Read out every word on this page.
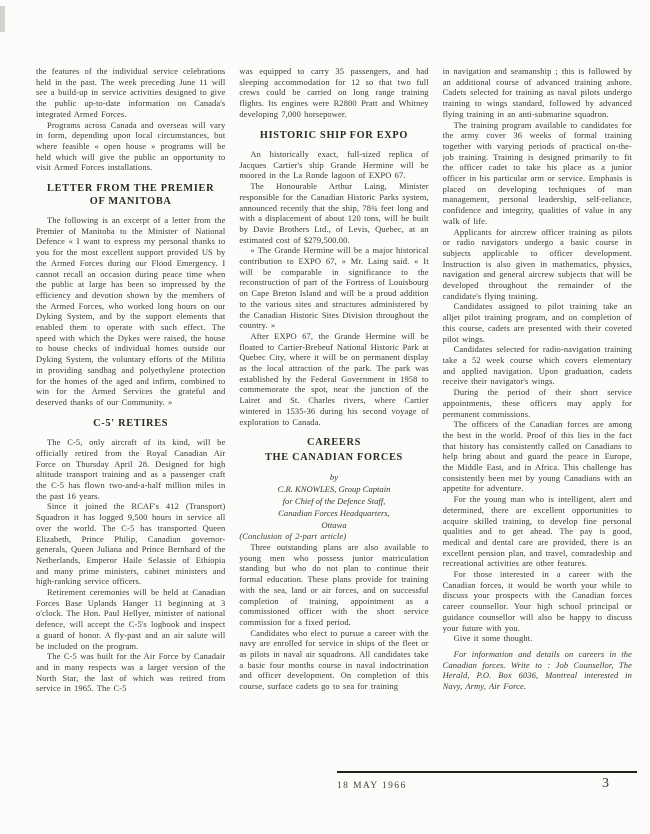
the features of the individual service celebrations held in the past. The week preceding June 11 will see a build-up in service activities designed to give the public up-to-date information on Canada's integrated Armed Forces.

Programs across Canada and overseas will vary in form, depending upon local circumstances, but where feasible « open house » programs will be held which will give the public an opportunity to visit Armed Forces installations.

LETTER FROM THE PREMIER OF MANITOBA

The following is an excerpt of a letter from the Premier of Manitoba to the Minister of National Defence « I want to express my personal thanks to you for the most excellent support provided US by the Armed Forces during our Flood Emergency. I cannot recall an occasion during peace time when the public at large has been so impressed by the efficiency and devotion shown by the members of the Armed Forces, who worked long hours on our Dyking System, and by the support elements that enabled them to operate with such effect. The speed with which the Dykes were raised, the house to house checks of individual homes outside our Dyking System, the voluntary efforts of the Militia in providing sandbag and polyethylene protection for the homes of the aged and infirm, combined to win for the Armed Services the grateful and deserved thanks of our Community. »

C-5' RETIRES

The C-5, only aircraft of its kind, will be officially retired from the Royal Canadian Air Force on Thursday April 28. Designed for high altitude transport training and as a passenger craft the C-5 has flown two-and-a-half million miles in the past 16 years.

Since it joined the RCAF's 412 (Transport) Squadron it has logged 9,500 hours in service all over the world. The C-5 has transported Queen Elizabeth, Prince Philip, Canadian governor-generals, Queen Juliana and Prince Bernhard of the Netherlands, Emperor Haile Selassie of Ethiopia and many prime ministers, cabinet ministers and high-ranking service officers.

Retirement ceremonies will be held at Canadian Forces Base Uplands Hanger 11 beginning at 3 o'clock. The Hon. Paul Hellyer, minister of national defence, will accept the C-5's logbook and inspect a guard of honor. A fly-past and an air salute will be included on the program.

The C-5 was built for the Air Force by Canadair and in many respects was a larger version of the North Star, the last of which was retired from service in 1965. The C-5

was equipped to carry 35 passengers, and had sleeping accommodation for 12 so that two full crews could be carried on long range training flights. Its engines were R2800 Pratt and Whitney developing 7,000 horsepower.

HISTORIC SHIP FOR EXPO

An historically exact, full-sized replica of Jacques Cartier's ship Grande Hermine will be moored in the La Ronde lagoon of EXPO 67.

The Honourable Arthur Laing, Minister responsible for the Canadian Historic Parks system, announced recently that the ship, 78¾ feet long and with a displacement of about 120 tons, will be built by Davie Brothers Ltd., of Levis, Quebec, at an estimated cost of $279,500.00.

« The Grande Hermine will be a major historical contribution to EXPO 67, » Mr. Laing said. « It will be comparable in significance to the reconstruction of part of the Fortress of Louisbourg on Cape Breton Island and will be a proud addition to the various sites and structures administered by the Canadian Historic Sites Division throughout the country. »

After EXPO 67, the Grande Hermine will be floated to Cartier-Brebeuf National Historic Park at Quebec City, where it will be on permanent display as the local attraction of the park. The park was established by the Federal Government in 1958 to commemorate the spot, near the junction of the Lairet and St. Charles rivers, where Cartier wintered in 1535-36 during his second voyage of exploration to Canada.

CAREERS
THE CANADIAN FORCES
by
C.R. KNOWLES, Group Captain
for Chief of the Defence Staff,
Canadian Forces Headquarters,
Ottawa

(Conclusion of 2-part article)

Three outstanding plans are also available to young men who possess junior matriculation standing but who do not plan to continue their formal education. These plans provide for training with the sea, land or air forces, and on successful completion of training, appointment as a commissioned officer with the short service commission for a fixed period.

Candidates who elect to pursue a career with the navy are enrolled for service in ships of the fleet or as pilots in naval air squadrons. All candidates take a basic four months course in naval indoctrination and officer development. On completion of this course, surface cadets go to sea for training

in navigation and seamanship ; this is followed by an additional course of advanced training ashore. Cadets selected for training as naval pilots undergo training to wings standard, followed by advanced flying training in an anti-submarine squadron.

The training program available to candidates for the army cover 36 weeks of formal training together with varying periods of practical on-the-job training. Training is designed primarily to fit the officer cadet to take his place as a junior officer in his particular arm or service. Emphasis is placed on developing techniques of man management, personal leadership, self-reliance, confidence and integrity, qualities of value in any walk of life.

Applicants for aircrew officer training as pilots or radio navigators undergo a basic course in subjects applicable to officer development. Instruction is also given in mathematics, physics, navigation and general aircrew subjects that will be developed throughout the remainder of the candidate's flying training.

Candidates assigned to pilot training take an alljet pilot training program, and on completion of this course, cadets are presented with their coveted pilot wings.

Candidates selected for radio-navigation training take a 52 week course which covers elementary and applied navigation. Upon graduation, cadets receive their navigator's wings.

During the period of their short service appointments, these officers may apply for permanent commissions.

The officers of the Canadian forces are among the best in the world. Proof of this lies in the fact that history has consistently called on Canadians to help bring about and guard the peace in Europe, the Middle East, and in Africa. This challenge has consistently been met by young Canadians with an appetite for adventure.

For the young man who is intelligent, alert and determined, there are excellent opportunities to acquire skilled training, to develop fine personal qualities and to get ahead. The pay is good, medical and dental care are provided, there is an excellent pension plan, and travel, comradeship and recreational activities are other features.

For those interested in a career with the Canadian forces, it would be worth your while to discuss your prospects with the Canadian forces career counsellor. Your high school principal or guidance counsellor will also be happy to discuss your future with you.

Give it some thought.

For information and details on careers in the Canadian forces. Write to : Job Counsellor, The Herald, P.O. Box 6036, Montreal interested in Navy, Army, Air Force.

18 MAY 1966	3
